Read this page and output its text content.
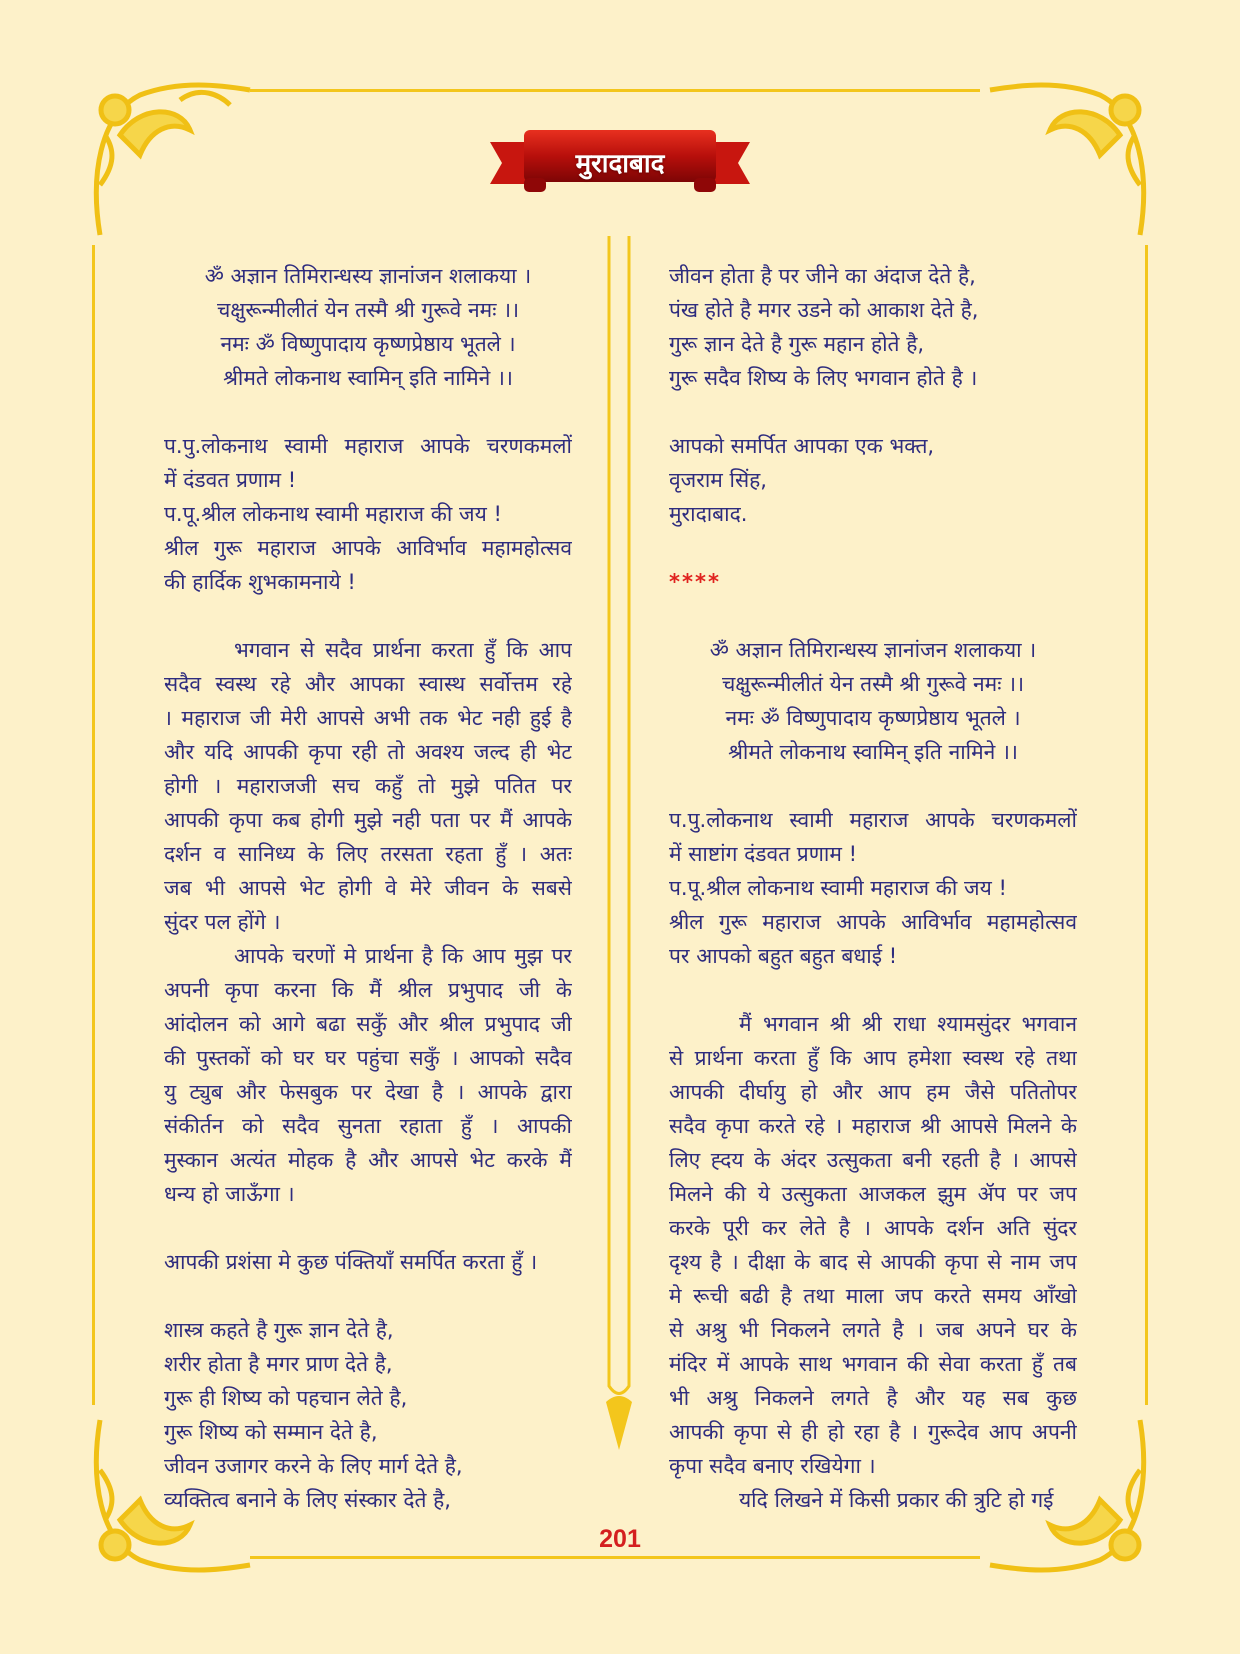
मुरादाबाद
ॐ अज्ञान तिमिरान्धस्य ज्ञानांजन शलाकया ।
चक्षुरून्मीलीतं येन तस्मै श्री गुरूवे नमः ।।
नमः ॐ विष्णुपादाय कृष्णप्रेष्ठाय भूतले ।
श्रीमते लोकनाथ स्वामिन् इति नामिने ।।
प.पु.लोकनाथ स्वामी महाराज आपके चरणकमलों
में दंडवत प्रणाम !
प.पू.श्रील लोकनाथ स्वामी महाराज की जय !
श्रील गुरू महाराज आपके आविर्भाव महामहोत्सव
की हार्दिक शुभकामनाये !
भगवान से सदैव प्रार्थना करता हुँ कि आप
सदैव स्वस्थ रहे और आपका स्वास्थ सर्वोत्तम रहे
। महाराज जी मेरी आपसे अभी तक भेट नही हुई है
और यदि आपकी कृपा रही तो अवश्य जल्द ही भेट
होगी । महाराजजी सच कहुँ तो मुझे पतित पर
आपकी कृपा कब होगी मुझे नही पता पर मैं आपके
दर्शन व सानिध्य के लिए तरसता रहता हुँ । अतः
जब भी आपसे भेट होगी वे मेरे जीवन के सबसे
सुंदर पल होंगे ।
आपके चरणों मे प्रार्थना है कि आप मुझ पर
अपनी कृपा करना कि मैं श्रील प्रभुपाद जी के
आंदोलन को आगे बढा सकुँ और श्रील प्रभुपाद जी
की पुस्तकों को घर घर पहुंचा सकुँ । आपको सदैव
यु ट्युब और फेसबुक पर देखा है । आपके द्वारा
संकीर्तन को सदैव सुनता रहाता हुँ । आपकी
मुस्कान अत्यंत मोहक है और आपसे भेट करके मैं
धन्य हो जाऊँगा ।
आपकी प्रशंसा मे कुछ पंक्तियाँ समर्पित करता हुँ ।
शास्त्र कहते है गुरू ज्ञान देते है,
शरीर होता है मगर प्राण देते है,
गुरू ही शिष्य को पहचान लेते है,
गुरू शिष्य को सम्मान देते है,
जीवन उजागर करने के लिए मार्ग देते है,
व्यक्तित्व बनाने के लिए संस्कार देते है,
जीवन होता है पर जीने का अंदाज देते है,
पंख होते है मगर उडने को आकाश देते है,
गुरू ज्ञान देते है गुरू महान होते है,
गुरू सदैव शिष्य के लिए भगवान होते है ।
आपको समर्पित आपका एक भक्त,
वृजराम सिंह,
मुरादाबाद.
****
ॐ अज्ञान तिमिरान्धस्य ज्ञानांजन शलाकया ।
चक्षुरून्मीलीतं येन तस्मै श्री गुरूवे नमः ।।
नमः ॐ विष्णुपादाय कृष्णप्रेष्ठाय भूतले ।
श्रीमते लोकनाथ स्वामिन् इति नामिने ।।
प.पु.लोकनाथ स्वामी महाराज आपके चरणकमलों
में साष्टांग दंडवत प्रणाम !
प.पू.श्रील लोकनाथ स्वामी महाराज की जय !
श्रील गुरू महाराज आपके आविर्भाव महामहोत्सव
पर आपको बहुत बहुत बधाई !
मैं भगवान श्री श्री राधा श्यामसुंदर भगवान
से प्रार्थना करता हुँ कि आप हमेशा स्वस्थ रहे तथा
आपकी दीर्घायु हो और आप हम जैसे पतितोपर
सदैव कृपा करते रहे । महाराज श्री आपसे मिलने के
लिए ह्दय के अंदर उत्सुकता बनी रहती है । आपसे
मिलने की ये उत्सुकता आजकल झुम ॲप पर जप
करके पूरी कर लेते है । आपके दर्शन अति सुंदर
दृश्य है । दीक्षा के बाद से आपकी कृपा से नाम जप
मे रूची बढी है तथा माला जप करते समय आँखो
से अश्रु भी निकलने लगते है । जब अपने घर के
मंदिर में आपके साथ भगवान की सेवा करता हुँ तब
भी अश्रु निकलने लगते है और यह सब कुछ
आपकी कृपा से ही हो रहा है । गुरूदेव आप अपनी
कृपा सदैव बनाए रखियेगा ।
यदि लिखने में किसी प्रकार की त्रुटि हो गई
201
